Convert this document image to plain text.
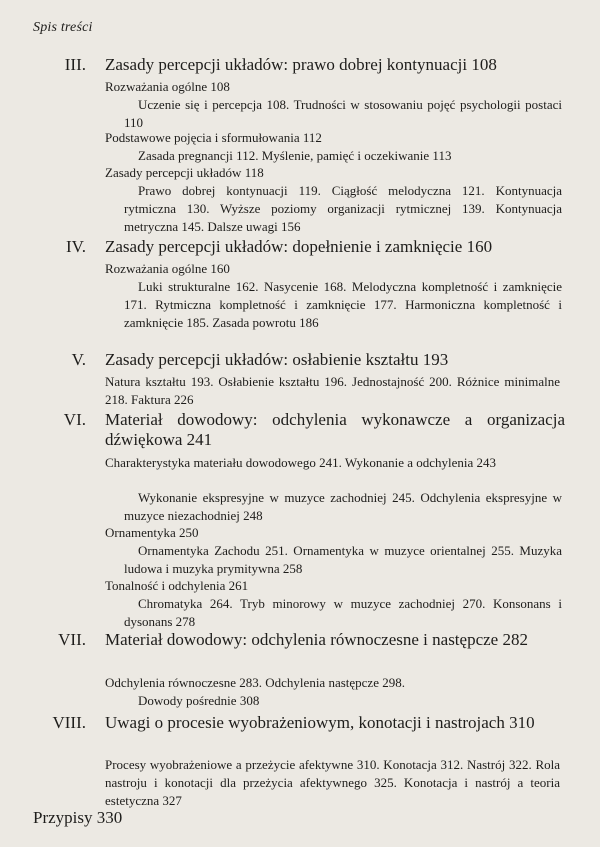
Spis treści
III. Zasady percepcji układów: prawo dobrej kontynuacji 108
Rozważania ogólne 108
Uczenie się i percepcja 108. Trudności w stosowaniu pojęć psychologii postaci 110
Podstawowe pojęcia i sformułowania 112
Zasada pregnancji 112. Myślenie, pamięć i oczekiwanie 113
Zasady percepcji układów 118
Prawo dobrej kontynuacji 119. Ciągłość melodyczna 121. Kontynuacja rytmiczna 130. Wyższe poziomy organizacji rytmicznej 139. Kontynuacja metryczna 145. Dalsze uwagi 156
IV. Zasady percepcji układów: dopełnienie i zamknięcie 160
Rozważania ogólne 160
Luki strukturalne 162. Nasycenie 168. Melodyczna kompletność i zamknięcie 171. Rytmiczna kompletność i zamknięcie 177. Harmoniczna kompletność i zamknięcie 185. Zasada powrotu 186
V. Zasady percepcji układów: osłabienie kształtu 193
Natura kształtu 193. Osłabienie kształtu 196. Jednostajność 200. Różnice minimalne 218. Faktura 226
VI. Materiał dowodowy: odchylenia wykonawcze a organizacja dźwiękowa 241
Charakterystyka materiału dowodowego 241. Wykonanie a odchylenia 243
Wykonanie ekspresyjne w muzyce zachodniej 245. Odchylenia ekspresyjne w muzyce niezachodniej 248
Ornamentyka 250
Ornamentyka Zachodu 251. Ornamentyka w muzyce orientalnej 255. Muzyka ludowa i muzyka prymitywna 258
Tonalność i odchylenia 261
Chromatyka 264. Tryb minorowy w muzyce zachodniej 270. Konsonans i dysonans 278
VII. Materiał dowodowy: odchylenia równoczesne i następcze 282
Odchylenia równoczesne 283. Odchylenia następcze 298.
Dowody pośrednie 308
VIII. Uwagi o procesie wyobrażeniowym, konotacji i nastrojach 310
Procesy wyobrażeniowe a przeżycie afektywne 310. Konotacja 312. Nastrój 322. Rola nastroju i konotacji dla przeżycia afektywnego 325. Konotacja i nastrój a teoria estetyczna 327
Przypisy 330
